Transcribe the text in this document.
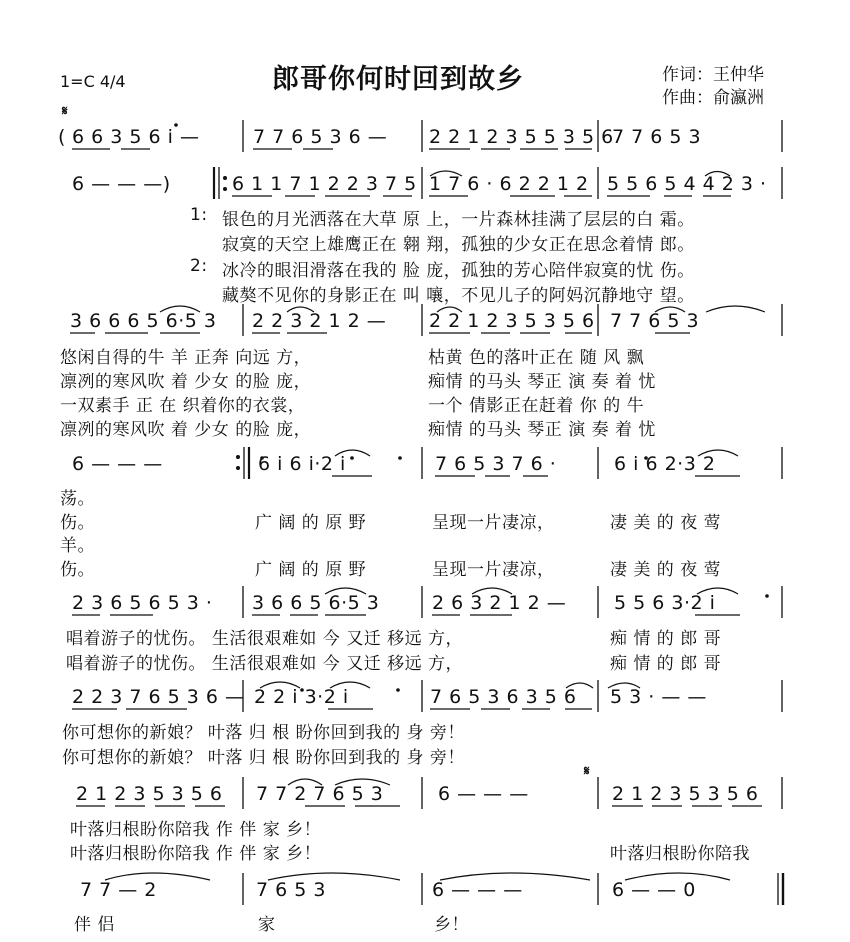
郎哥你何时回到故乡
1=C 4/4	作词：王仲华
作曲：俞瀛洲
𝄋
( 6 6 3 5 6 i —	7 7 6 5 3 6 — 2 2 1 2 3 5 5 3 5 6
7 7 6 5 3
6 — — —)	6 1 1 7 1 2 2 3 7 5 1 7 6 · 6 2 2 1 2 5 5 6 5 4 4 2 3 ·
1:
2:
银色的月光洒落在大草 原 上，一片森林挂满了层层的白 霜。
寂寞的天空上雄鹰正在 翱 翔，孤独的少女正在思念着情 郎。
冰冷的眼泪滑落在我的 脸 庞，孤独的芳心陪伴寂寞的忧 伤。
藏獒不见你的身影正在 叫 嚷，不见儿子的阿妈沉静地守 望。
3 6 6 6 5 6·5 3 2 2 3 2 1 2 — 2 2 1 2 3 5 3 5 6 7 7 6 5 3
悠闲自得的牛 羊 正奔 向远 方，
凛冽的寒风吹 着 少女 的脸 庞，
一双素手 正 在 织着你的衣裳，
凛冽的寒风吹 着 少女 的脸 庞，
枯黄 色的落叶正在 随 风 飘
痴情 的马头 琴正 演 奏 着 忧
一个 倩影正在赶着 你 的 牛
痴情 的马头 琴正 演 奏 着 忧
6 — — —	6 i 6 i·2 i	7 6 5 3 7 6 ·	6 i 6 2·3 2
荡。
伤。
羊。
伤。
广 阔 的 原 野
广 阔 的 原 野
呈现一片凄凉，
呈现一片凄凉，
凄 美 的 夜 莺
凄 美 的 夜 莺
2 3 6 5 6 5 3 · 3 6 6 5 6·5 3	2 6 3 2 1 2 —	5 5 6 3·2 i
唱着游子的忧伤。 生活很艰难如 今 又迁 移远 方，
唱着游子的忧伤。 生活很艰难如 今 又迁 移远 方，
痴 情 的 郎 哥
痴 情 的 郎 哥
2 2 3 7 6 5 3 6 — 2 2 i 3·2 i	7 6 5 3 6 3 5 6 5 3 · — —
你可想你的新娘？ 叶落 归 根 盼你回到我的 身 旁！
你可想你的新娘？ 叶落 归 根 盼你回到我的 身 旁！
𝄋
2 1 2 3 5 3 5 6 7 7 2 7 6 5 3	6 — — —	2 1 2 3 5 3 5 6
叶落归根盼你陪我 作 伴 家 乡！
叶落归根盼你陪我 作 伴 家 乡！	叶落归根盼你陪我
7 7 — 2	7 6 5 3	6 — — —	6 — — 0
伴 侣	家	乡！
